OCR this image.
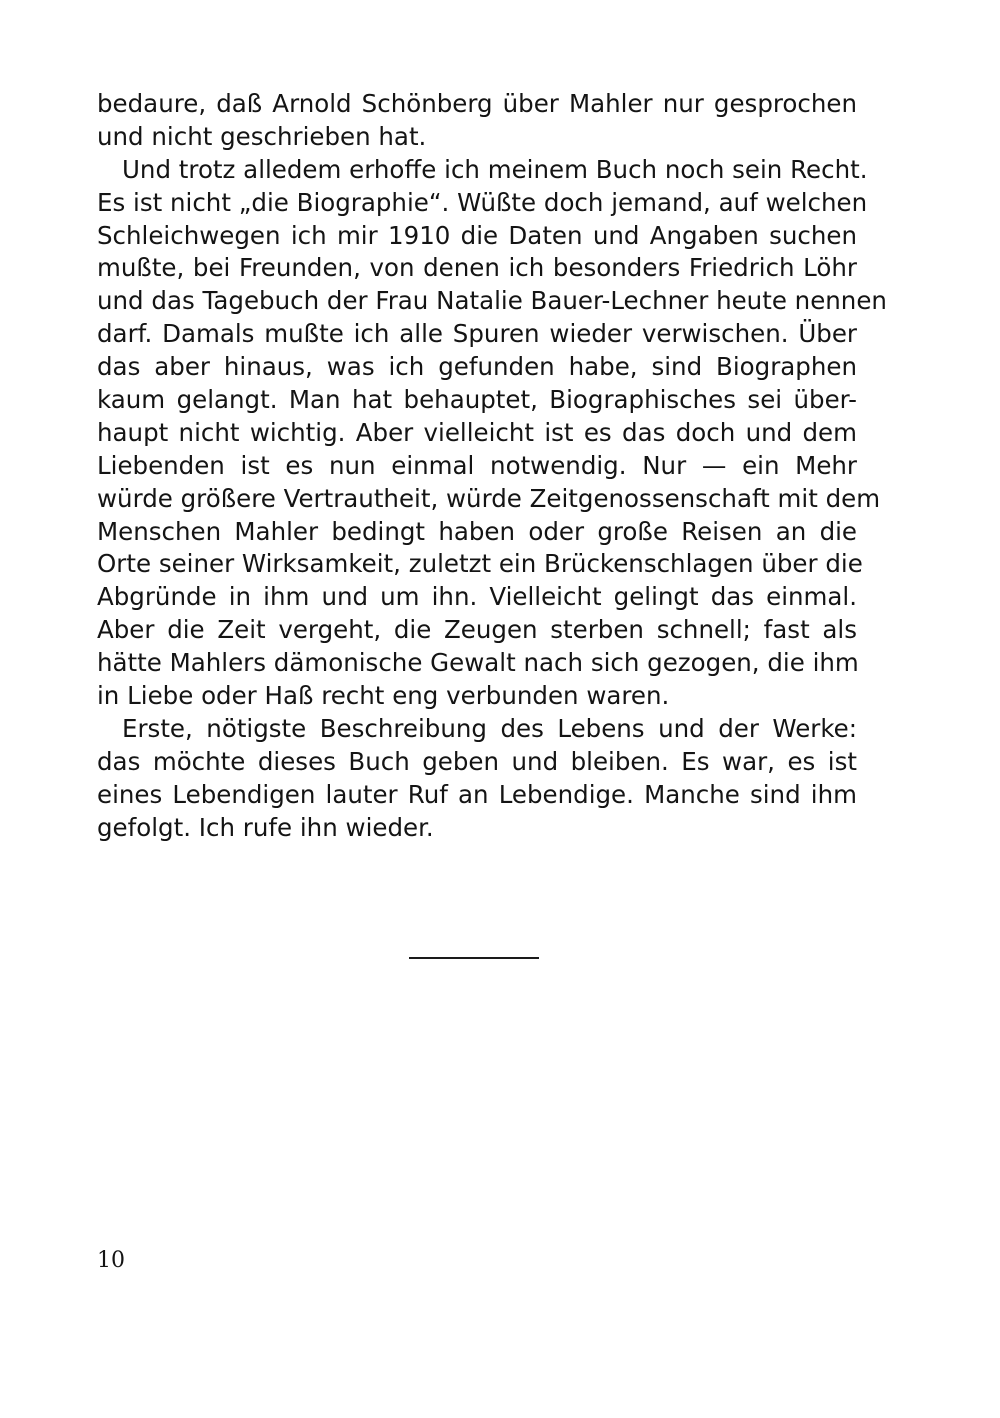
bedaure, daß Arnold Schönberg über Mahler nur gesprochen
und nicht geschrieben hat.
Und trotz alledem erhoffe ich meinem Buch noch sein Recht.
Es ist nicht „die Biographie“. Wüßte doch jemand, auf welchen
Schleichwegen ich mir 1910 die Daten und Angaben suchen
mußte, bei Freunden, von denen ich besonders Friedrich Löhr
und das Tagebuch der Frau Natalie Bauer-Lechner heute nennen
darf. Damals mußte ich alle Spuren wieder verwischen. Über
das aber hinaus, was ich gefunden habe, sind Biographen
kaum gelangt. Man hat behauptet, Biographisches sei über-
haupt nicht wichtig. Aber vielleicht ist es das doch und dem
Liebenden ist es nun einmal notwendig. Nur — ein Mehr
würde größere Vertrautheit, würde Zeitgenossenschaft mit dem
Menschen Mahler bedingt haben oder große Reisen an die
Orte seiner Wirksamkeit, zuletzt ein Brückenschlagen über die
Abgründe in ihm und um ihn. Vielleicht gelingt das einmal.
Aber die Zeit vergeht, die Zeugen sterben schnell; fast als
hätte Mahlers dämonische Gewalt nach sich gezogen, die ihm
in Liebe oder Haß recht eng verbunden waren.
Erste, nötigste Beschreibung des Lebens und der Werke:
das möchte dieses Buch geben und bleiben. Es war, es ist
eines Lebendigen lauter Ruf an Lebendige. Manche sind ihm
gefolgt. Ich rufe ihn wieder.
10
